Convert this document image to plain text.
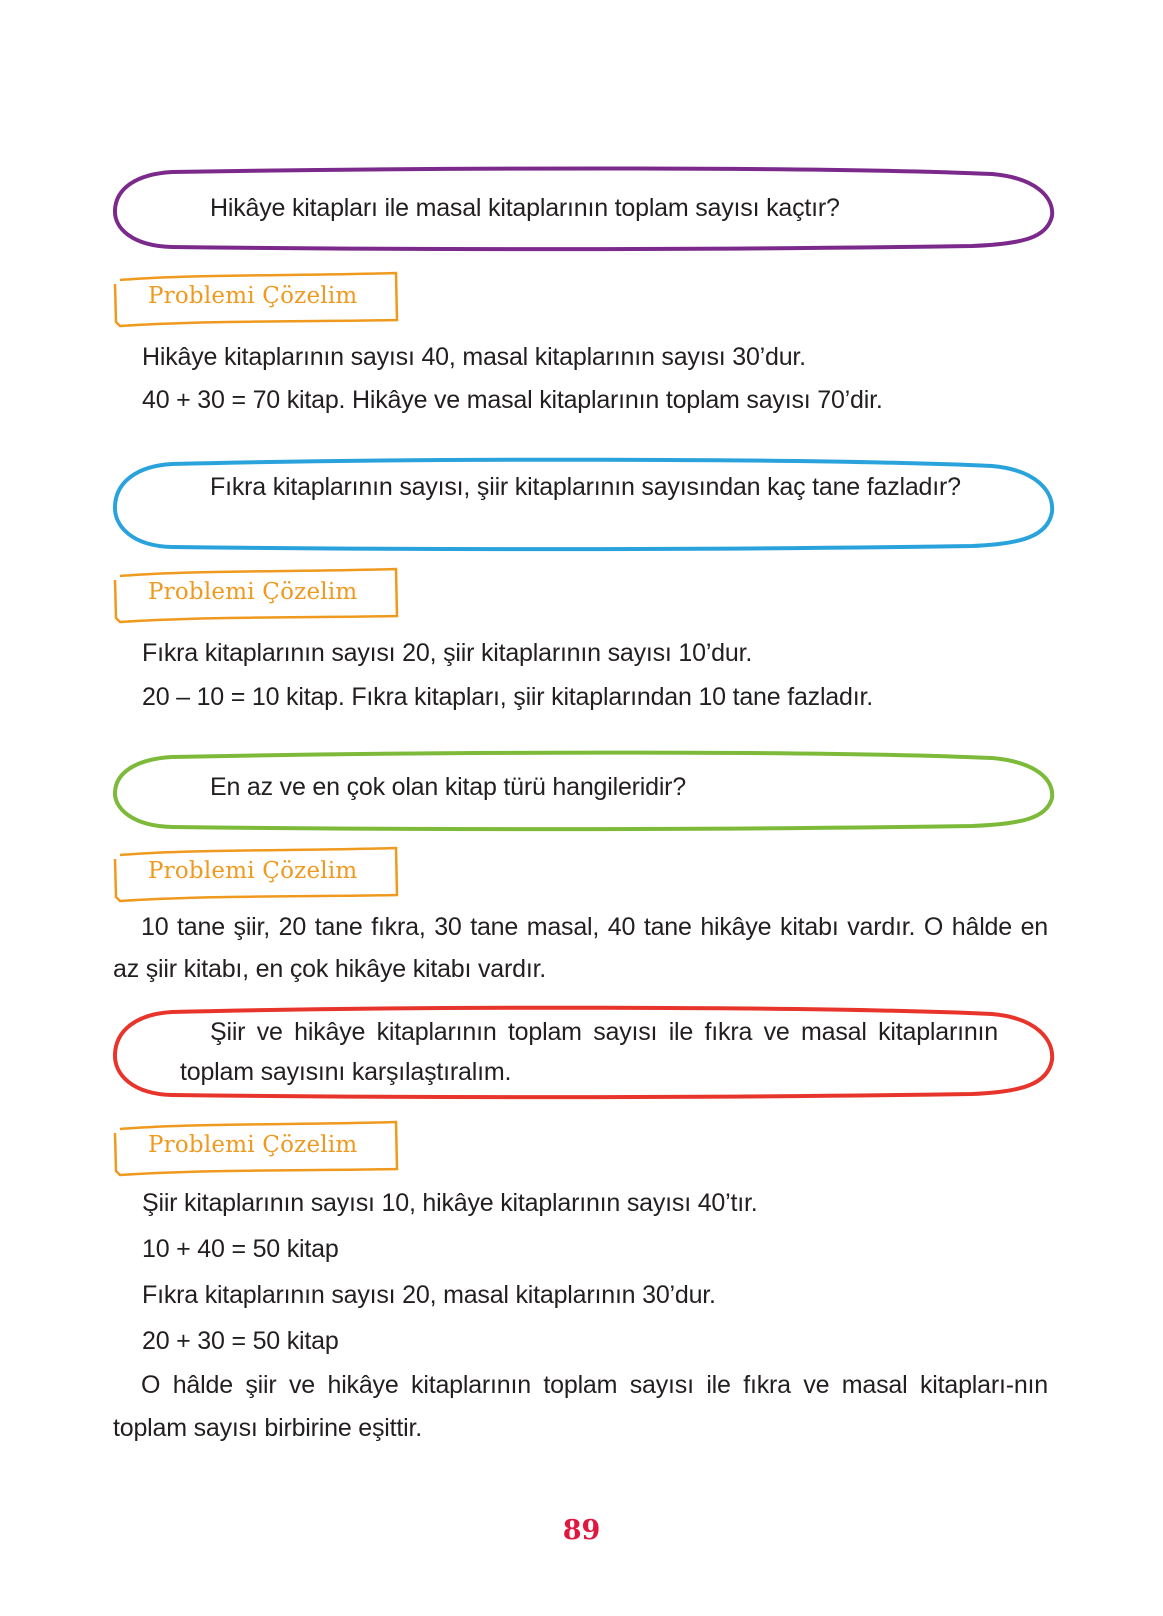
Hikâye kitapları ile masal kitaplarının toplam sayısı kaçtır?
Problemi Çözelim
Hikâye kitaplarının sayısı 40, masal kitaplarının sayısı 30’dur.
40 + 30 = 70 kitap. Hikâye ve masal kitaplarının toplam sayısı 70’dir.
Fıkra kitaplarının sayısı, şiir kitaplarının sayısından kaç tane fazladır?
Problemi Çözelim
Fıkra kitaplarının sayısı 20, şiir kitaplarının sayısı 10’dur.
20 – 10 = 10 kitap. Fıkra kitapları, şiir kitaplarından 10 tane fazladır.
En az ve en çok olan kitap türü hangileridir?
Problemi Çözelim
10 tane şiir, 20 tane fıkra, 30 tane masal, 40 tane hikâye kitabı vardır. O hâlde en az şiir kitabı, en çok hikâye kitabı vardır.
Şiir ve hikâye kitaplarının toplam sayısı ile fıkra ve masal kitaplarının toplam sayısını karşılaştıralım.
Problemi Çözelim
Şiir kitaplarının sayısı 10, hikâye kitaplarının sayısı 40’tır.
10 + 40 = 50 kitap
Fıkra kitaplarının sayısı 20, masal kitaplarının 30’dur.
20 + 30 = 50 kitap
O hâlde şiir ve hikâye kitaplarının toplam sayısı ile fıkra ve masal kitapları-nın toplam sayısı birbirine eşittir.
89
